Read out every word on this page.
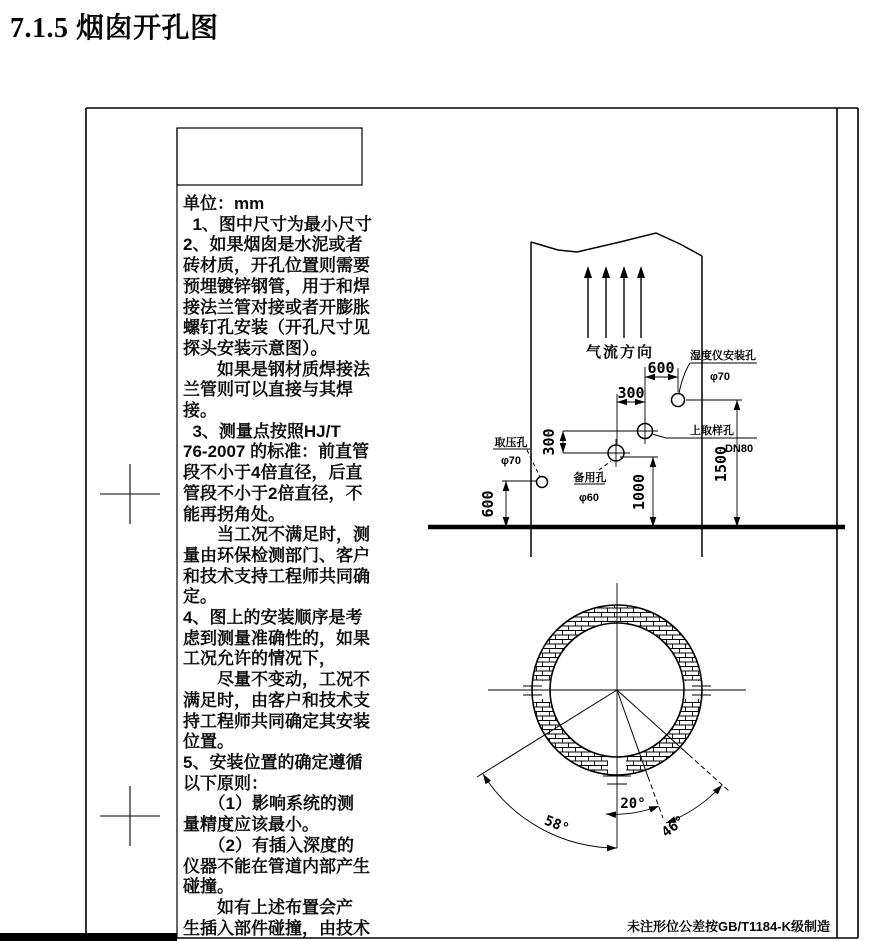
7.1.5 烟囱开孔图
单位：mm
1、图中尺寸为最小尺寸
2、如果烟囱是水泥或者
砖材质，开孔位置则需要
预埋镀锌钢管，用于和焊
接法兰管对接或者开膨胀
螺钉孔安装（开孔尺寸见
探头安装示意图）。
　　如果是钢材质焊接法
兰管则可以直接与其焊
接。
3、测量点按照HJ/T
76-2007 的标准：前直管
段不小于4倍直径，后直
管段不小于2倍直径，不
能再拐角处。
　　当工况不满足时，测
量由环保检测部门、客户
和技术支持工程师共同确
定。
4、图上的安装顺序是考
虑到测量准确性的，如果
工况允许的情况下，
　　尽量不变动，工况不
满足时，由客户和技术支
持工程师共同确定其安装
位置。
5、安装位置的确定遵循
以下原则：
　　（1）影响系统的测
量精度应该最小。
　　（2）有插入深度的
仪器不能在管道内部产生
碰撞。
　　如有上述布置会产
生插入部件碰撞，由技术
气流方向
取压孔
φ70
备用孔
φ60
上取样孔
DN80
湿度仪安装孔
φ70
600
300
300
600	1000
1500
58°
20°
46°
未注形位公差按GB/T1184-K级制造
